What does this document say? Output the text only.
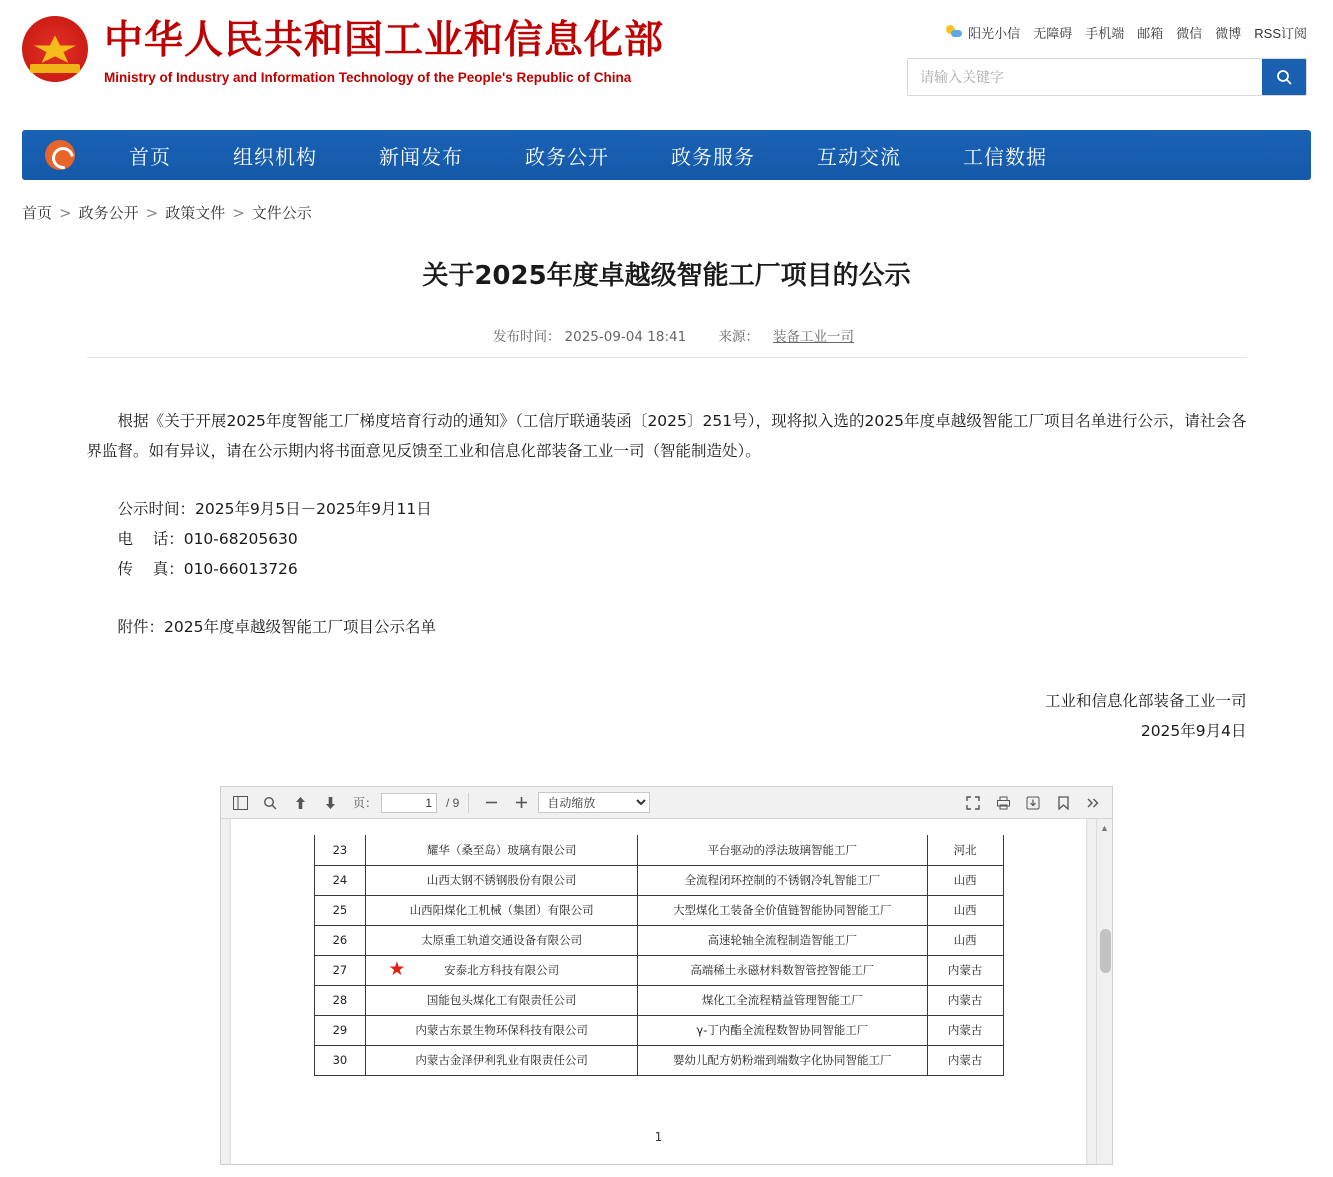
中华人民共和国工业和信息化部
Ministry of Industry and Information Technology of the People's Republic of China
阳光小信 无障碍 手机端 邮箱 微信 微博 RSS订阅
请输入关键字
首页	组织机构	新闻发布	政务公开	政务服务	互动交流	工信数据
首页 > 政务公开 > 政策文件 > 文件公示
关于2025年度卓越级智能工厂项目的公示
发布时间： 2025-09-04 18:41 来源： 装备工业一司
根据《关于开展2025年度智能工厂梯度培育行动的通知》（工信厅联通装函〔2025〕251号），现将拟入选的2025年度卓越级智能工厂项目名单进行公示，请社会各界监督。如有异议，请在公示期内将书面意见反馈至工业和信息化部装备工业一司（智能制造处）。
公示时间：2025年9月5日－2025年9月11日
电    话：010-68205630
传    真：010-66013726
附件：2025年度卓越级智能工厂项目公示名单
工业和信息化部装备工业一司
2025年9月4日
页：
1	/ 9
自动缩放
23	耀华（桑至岛）玻璃有限公司	平台驱动的浮法玻璃智能工厂	河北
24	山西太钢不锈钢股份有限公司	全流程闭环控制的不锈钢冷轧智能工厂	山西
25	山西阳煤化工机械（集团）有限公司	大型煤化工装备全价值链智能协同智能工厂	山西
26	太原重工轨道交通设备有限公司	高速轮轴全流程制造智能工厂	山西
27	★ 安泰北方科技有限公司	高端稀土永磁材料数智管控智能工厂	内蒙古
28	国能包头煤化工有限责任公司	煤化工全流程精益管理智能工厂	内蒙古
29	内蒙古东景生物环保科技有限公司	γ-丁内酯全流程数智协同智能工厂	内蒙古
30	内蒙古金泽伊利乳业有限责任公司	婴幼儿配方奶粉端到端数字化协同智能工厂	内蒙古
1
▲
